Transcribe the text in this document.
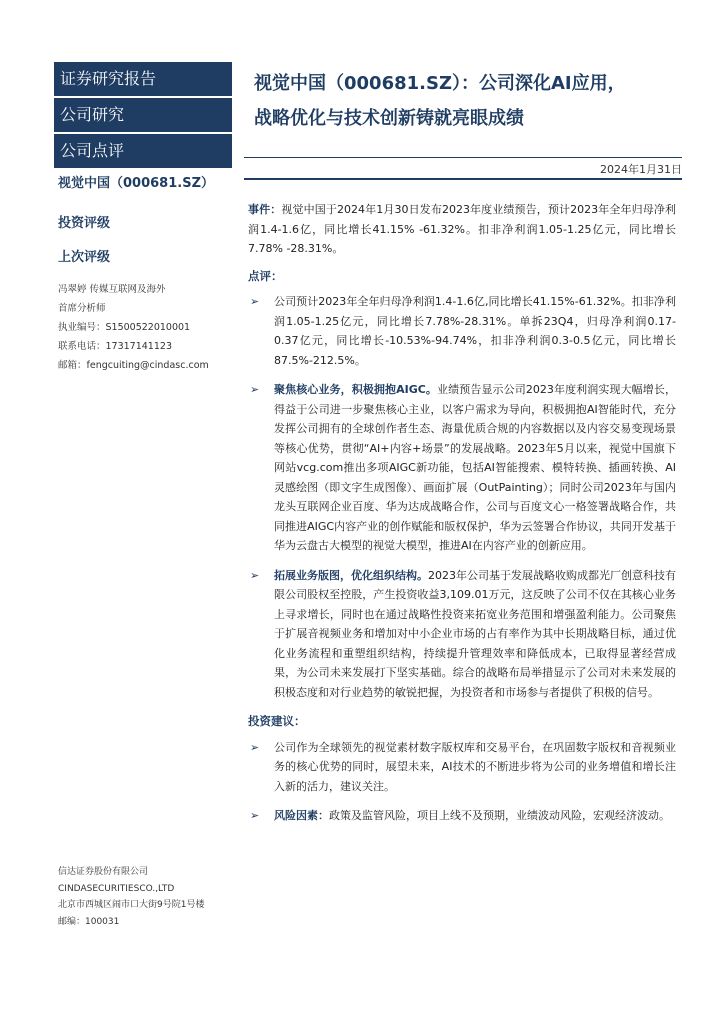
证券研究报告
公司研究
公司点评
视觉中国（000681.SZ）
投资评级
上次评级
冯翠婷 传媒互联网及海外
首席分析师
执业编号：S1500522010001
联系电话：17317141123
邮箱：fengcuiting@cindasc.com
信达证券股份有限公司
CINDASECURITIESCO.,LTD
北京市西城区闹市口大街9号院1号楼
邮编：100031
视觉中国（000681.SZ）：公司深化AI应用，
战略优化与技术创新铸就亮眼成绩
2024年1月31日
事件：视觉中国于2024年1月30日发布2023年度业绩预告，预计2023年全年归母净利润1.4-1.6亿，同比增长41.15% -61.32%。扣非净利润1.05-1.25亿元，同比增长7.78% -28.31%。
点评：
➢ 公司预计2023年全年归母净利润1.4-1.6亿,同比增长41.15%-61.32%。扣非净利润1.05-1.25亿元，同比增长7.78%-28.31%。单拆23Q4，归母净利润0.17-0.37亿元，同比增长-10.53%-94.74%，扣非净利润0.3-0.5亿元，同比增长87.5%-212.5%。
➢ 聚焦核心业务，积极拥抱AIGC。业绩预告显示公司2023年度利润实现大幅增长，得益于公司进一步聚焦核心主业，以客户需求为导向，积极拥抱AI智能时代，充分发挥公司拥有的全球创作者生态、海量优质合规的内容数据以及内容交易变现场景等核心优势，贯彻“AI+内容+场景”的发展战略。2023年5月以来，视觉中国旗下网站vcg.com推出多项AIGC新功能，包括AI智能搜索、模特转换、插画转换、AI灵感绘图（即文字生成图像）、画面扩展（OutPainting）；同时公司2023年与国内龙头互联网企业百度、华为达成战略合作，公司与百度文心一格签署战略合作，共同推进AIGC内容产业的创作赋能和版权保护，华为云签署合作协议，共同开发基于华为云盘古大模型的视觉大模型，推进AI在内容产业的创新应用。
➢ 拓展业务版图，优化组织结构。2023年公司基于发展战略收购成都光厂创意科技有限公司股权至控股，产生投资收益3,109.01万元，这反映了公司不仅在其核心业务上寻求增长，同时也在通过战略性投资来拓宽业务范围和增强盈利能力。公司聚焦于扩展音视频业务和增加对中小企业市场的占有率作为其中长期战略目标，通过优化业务流程和重塑组织结构，持续提升管理效率和降低成本，已取得显著经营成果，为公司未来发展打下坚实基础。综合的战略布局举措显示了公司对未来发展的积极态度和对行业趋势的敏锐把握，为投资者和市场参与者提供了积极的信号。
投资建议：
➢ 公司作为全球领先的视觉素材数字版权库和交易平台，在巩固数字版权和音视频业务的核心优势的同时，展望未来，AI技术的不断进步将为公司的业务增值和增长注入新的活力，建议关注。
➢ 风险因素：政策及监管风险，项目上线不及预期，业绩波动风险，宏观经济波动。
